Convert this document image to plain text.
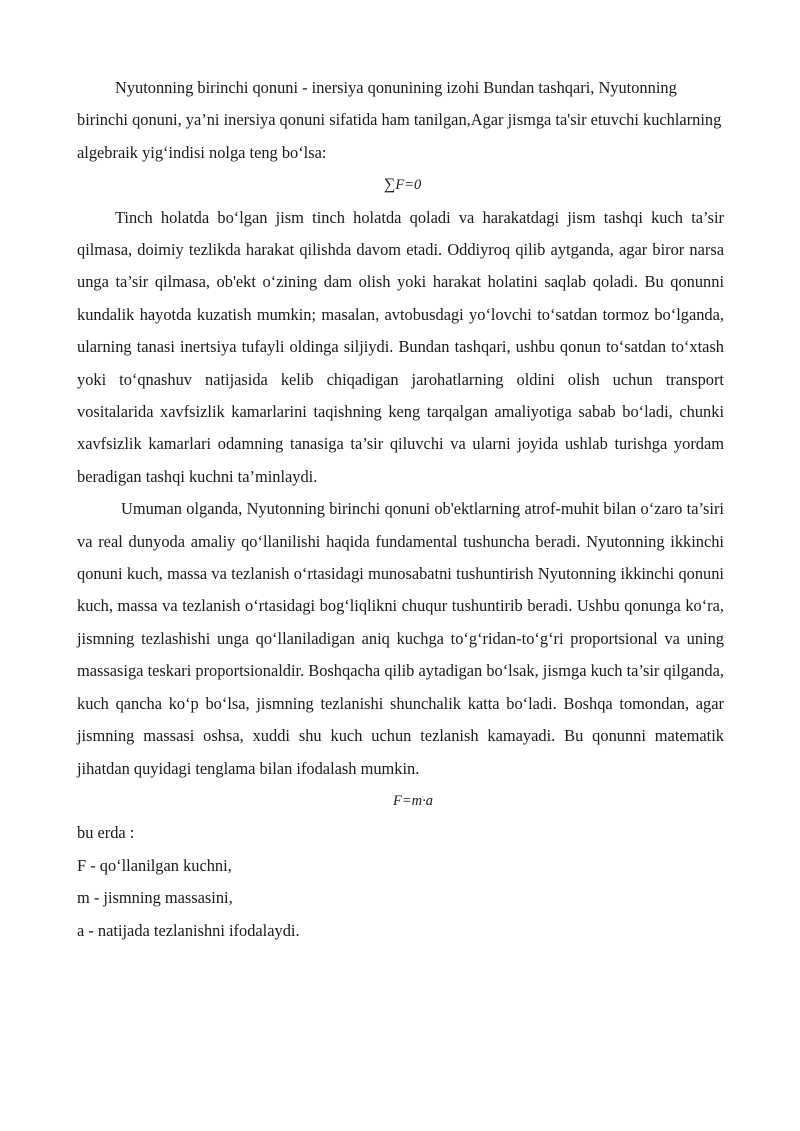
Nyutonning birinchi qonuni - inersiya qonunining izohi Bundan tashqari, Nyutonning birinchi qonuni, ya’ni inersiya qonuni sifatida ham tanilgan,Agar jismga ta'sir etuvchi kuchlarning algebraik yig‘indisi nolga teng bo‘lsa:

∑F=0

Tinch holatda bo‘lgan jism tinch holatda qoladi va harakatdagi jism tashqi kuch ta’sir qilmasa, doimiy tezlikda harakat qilishda davom etadi. Oddiyroq qilib aytganda, agar biror narsa unga ta’sir qilmasa, ob'ekt o‘zining dam olish yoki harakat holatini saqlab qoladi. Bu qonunni kundalik hayotda kuzatish mumkin; masalan, avtobusdagi yo‘lovchi to‘satdan tormoz bo‘lganda, ularning tanasi inertsiya tufayli oldinga siljiydi. Bundan tashqari, ushbu qonun to‘satdan to‘xtash yoki to‘qnashuv natijasida kelib chiqadigan jarohatlarning oldini olish uchun transport vositalarida xavfsizlik kamarlarini taqishning keng tarqalgan amaliyotiga sabab bo‘ladi, chunki xavfsizlik kamarlari odamning tanasiga ta’sir qiluvchi va ularni joyida ushlab turishga yordam beradigan tashqi kuchni ta’minlaydi.

Umuman olganda, Nyutonning birinchi qonuni ob'ektlarning atrof-muhit bilan o‘zaro ta’siri va real dunyoda amaliy qo‘llanilishi haqida fundamental tushuncha beradi. Nyutonning ikkinchi qonuni kuch, massa va tezlanish o‘rtasidagi munosabatni tushuntirish Nyutonning ikkinchi qonuni kuch, massa va tezlanish o‘rtasidagi bog‘liqlikni chuqur tushuntirib beradi. Ushbu qonunga ko‘ra, jismning tezlashishi unga qo‘llaniladigan aniq kuchga to‘g‘ridan-to‘g‘ri proportsional va uning massasiga teskari proportsionaldir. Boshqacha qilib aytadigan bo‘lsak, jismga kuch ta’sir qilganda, kuch qancha ko‘p bo‘lsa, jismning tezlanishi shunchalik katta bo‘ladi. Boshqa tomondan, agar jismning massasi oshsa, xuddi shu kuch uchun tezlanish kamayadi. Bu qonunni matematik jihatdan quyidagi tenglama bilan ifodalash mumkin.

F=m·a

bu erda :

F - qo‘llanilgan kuchni,

m - jismning massasini,

a - natijada tezlanishni ifodalaydi.
